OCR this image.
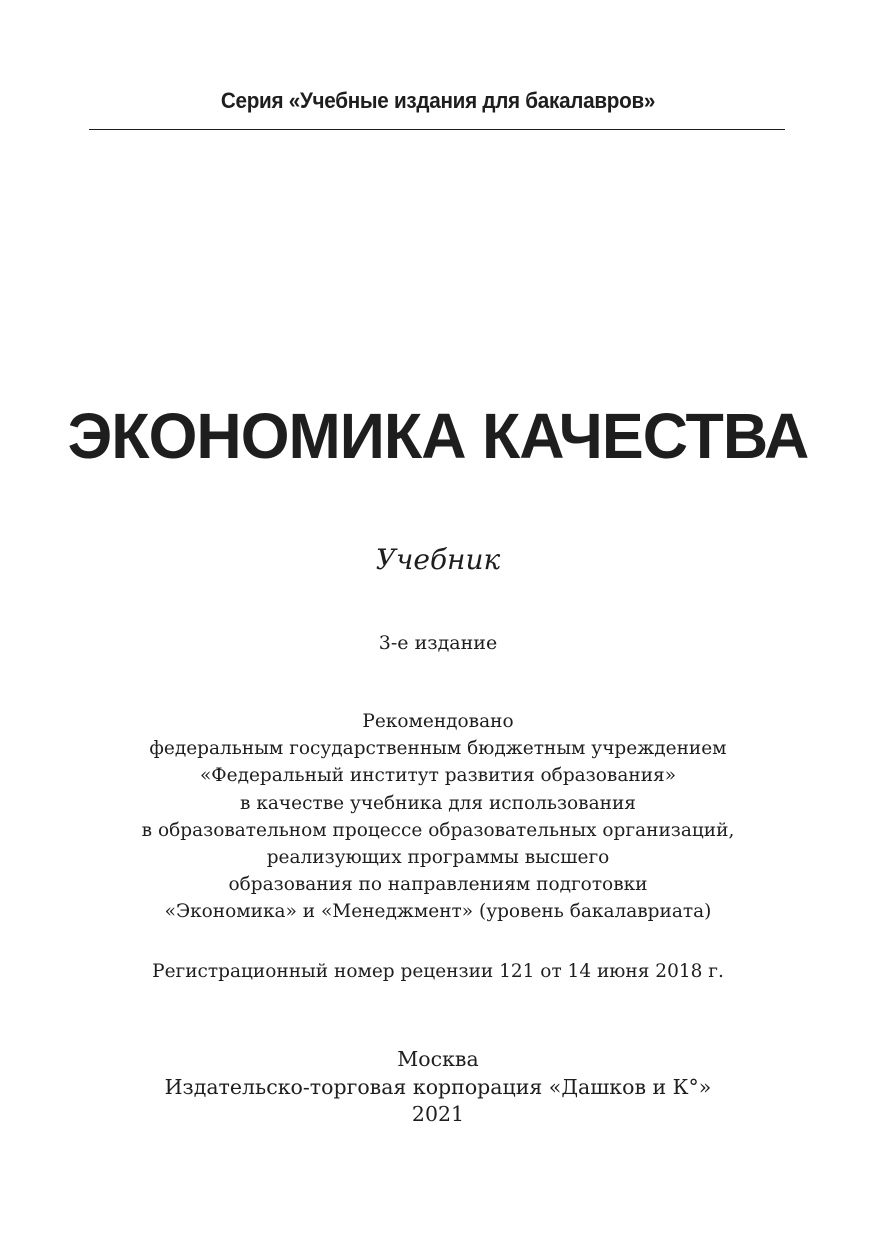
Серия «Учебные издания для бакалавров»
ЭКОНОМИКА КАЧЕСТВА
Учебник
3-е издание
Рекомендовано
федеральным государственным бюджетным учреждением
«Федеральный институт развития образования»
в качестве учебника для использования
в образовательном процессе образовательных организаций,
реализующих программы высшего
образования по направлениям подготовки
«Экономика» и «Менеджмент» (уровень бакалавриата)
Регистрационный номер рецензии 121 от 14 июня 2018 г.
Москва
Издательско-торговая корпорация «Дашков и К°»
2021
